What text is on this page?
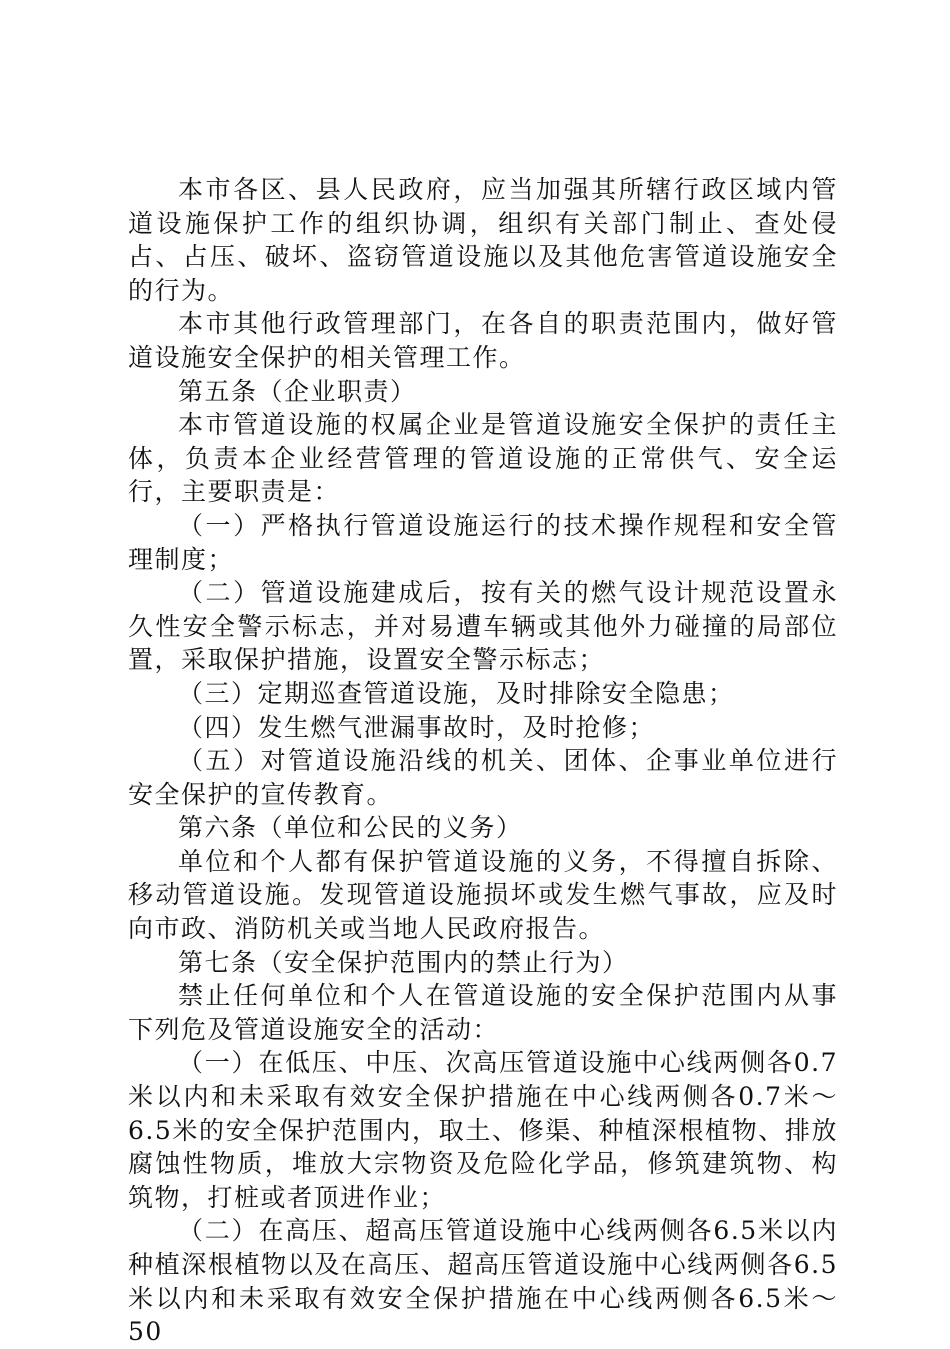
本市各区、县人民政府，应当加强其所辖行政区域内管道设施保护工作的组织协调，组织有关部门制止、查处侵占、占压、破坏、盗窃管道设施以及其他危害管道设施安全的行为。

本市其他行政管理部门，在各自的职责范围内，做好管道设施安全保护的相关管理工作。

第五条（企业职责）

本市管道设施的权属企业是管道设施安全保护的责任主体，负责本企业经营管理的管道设施的正常供气、安全运行，主要职责是：

（一）严格执行管道设施运行的技术操作规程和安全管理制度；

（二）管道设施建成后，按有关的燃气设计规范设置永久性安全警示标志，并对易遭车辆或其他外力碰撞的局部位置，采取保护措施，设置安全警示标志；

（三）定期巡查管道设施，及时排除安全隐患；

（四）发生燃气泄漏事故时，及时抢修；

（五）对管道设施沿线的机关、团体、企事业单位进行安全保护的宣传教育。

第六条（单位和公民的义务）

单位和个人都有保护管道设施的义务，不得擅自拆除、移动管道设施。发现管道设施损坏或发生燃气事故，应及时向市政、消防机关或当地人民政府报告。

第七条（安全保护范围内的禁止行为）

禁止任何单位和个人在管道设施的安全保护范围内从事下列危及管道设施安全的活动：

（一）在低压、中压、次高压管道设施中心线两侧各0.7米以内和未采取有效安全保护措施在中心线两侧各0.7米～6.5米的安全保护范围内，取土、修渠、种植深根植物、排放腐蚀性物质，堆放大宗物资及危险化学品，修筑建筑物、构筑物，打桩或者顶进作业；

（二）在高压、超高压管道设施中心线两侧各6.5米以内种植深根植物以及在高压、超高压管道设施中心线两侧各6.5米以内和未采取有效安全保护措施在中心线两侧各6.5米～50
